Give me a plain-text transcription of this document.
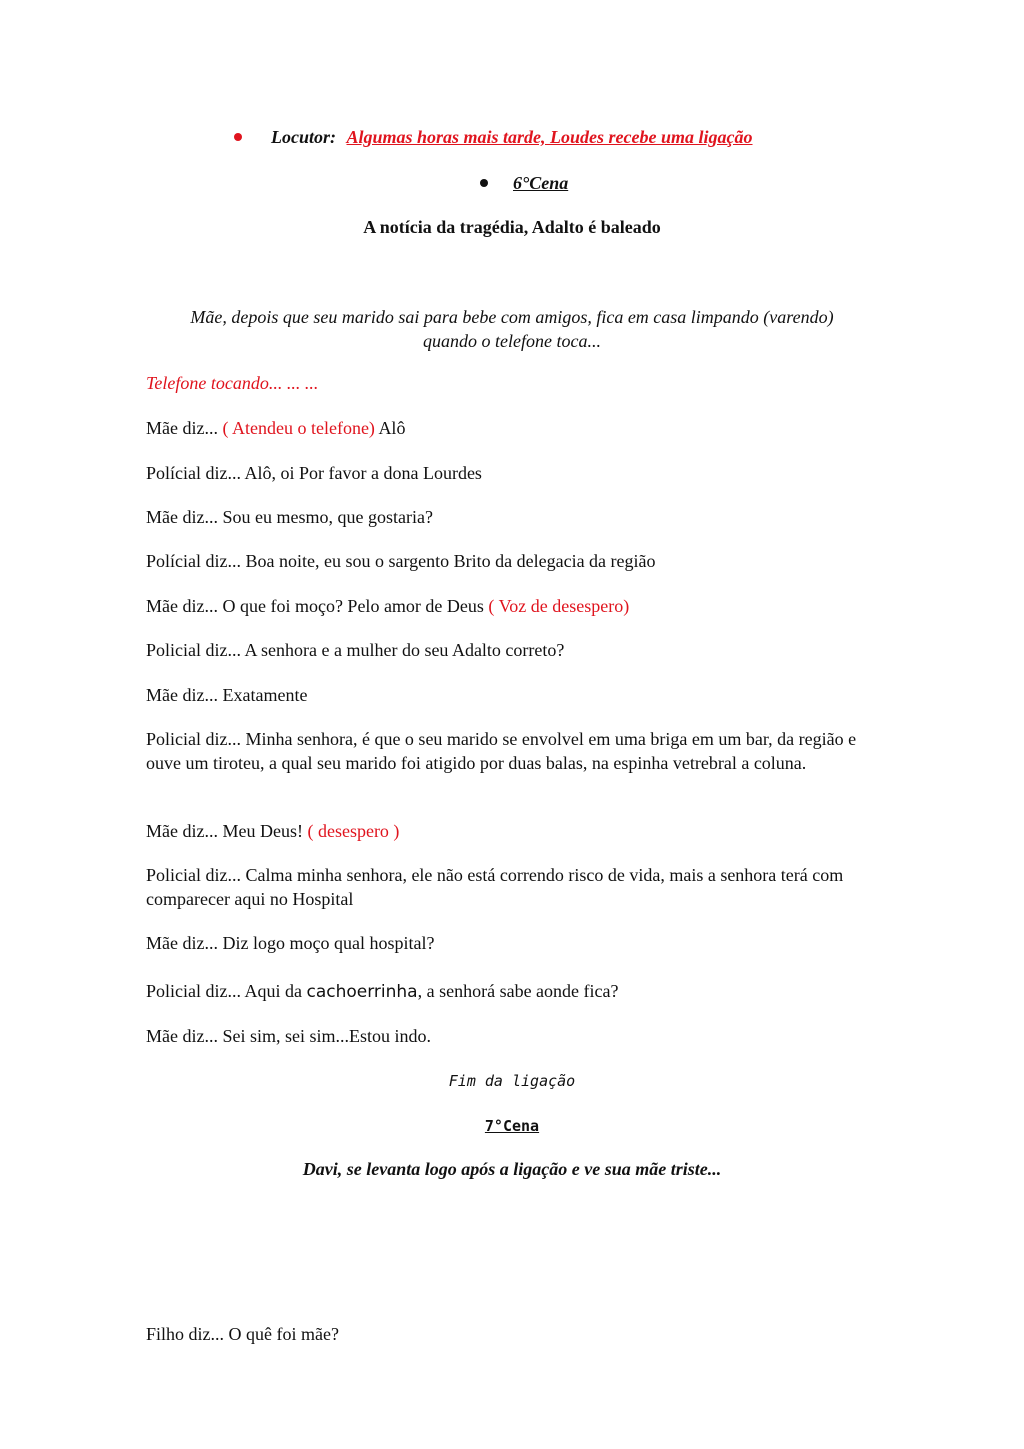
Locutor: Algumas horas mais tarde, Loudes recebe uma ligação
6°Cena
A notícia da tragédia, Adalto é baleado
Mãe, depois que seu marido sai para bebe com amigos, fica em casa limpando (varendo) quando o telefone toca...
Telefone tocando... ... ...
Mãe diz... ( Atendeu o telefone) Alô
Polícial diz... Alô, oi Por favor a dona Lourdes
Mãe diz... Sou eu mesmo, que gostaria?
Polícial diz... Boa noite, eu sou o sargento Brito da delegacia da região
Mãe diz... O que foi moço? Pelo amor de Deus ( Voz de desespero)
Policial diz... A senhora e a mulher do seu Adalto correto?
Mãe diz... Exatamente
Policial diz... Minha senhora, é que o seu marido se envolvel em uma briga em um bar, da região e ouve um tiroteu, a qual seu marido foi atigido por duas balas, na espinha vetrebral a coluna.
Mãe diz... Meu Deus! ( desespero )
Policial diz... Calma minha senhora, ele não está correndo risco de vida, mais a senhora terá com comparecer aqui no Hospital
Mãe diz... Diz logo moço qual hospital?
Policial diz... Aqui da cachoerrinha, a senhorá sabe aonde fica?
Mãe diz... Sei sim, sei sim...Estou indo.
Fim da ligação
7°Cena
Davi, se levanta logo após a ligação e ve sua mãe triste...
Filho diz... O quê foi mãe?
